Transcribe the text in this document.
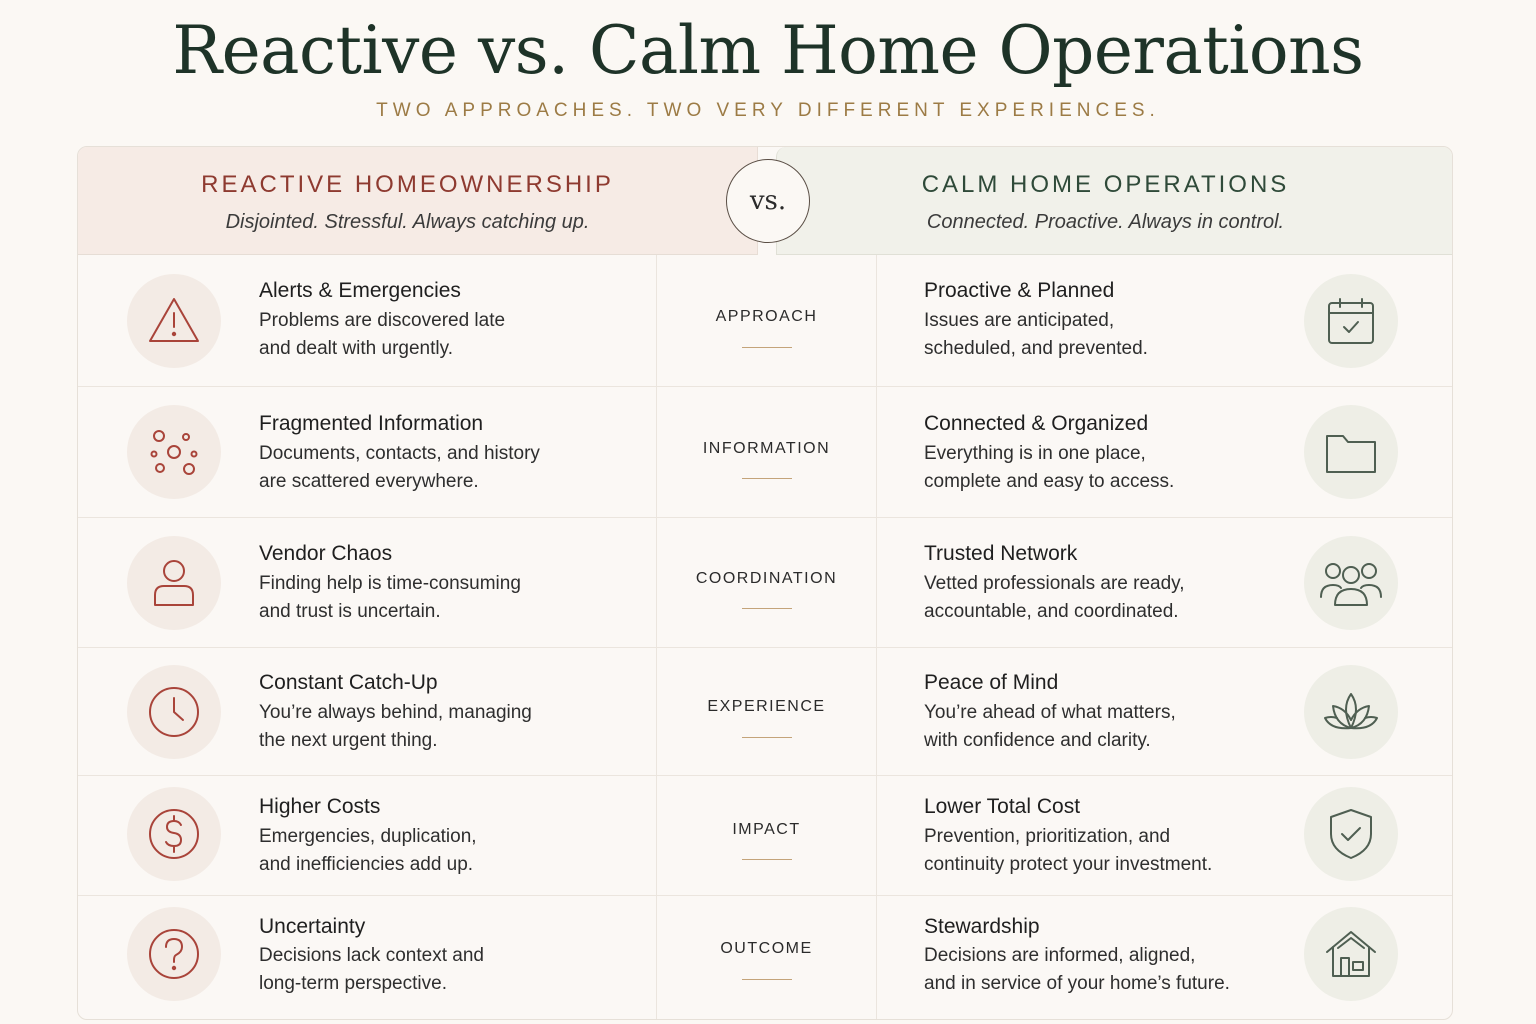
Reactive vs. Calm Home Operations
TWO APPROACHES. TWO VERY DIFFERENT EXPERIENCES.
REACTIVE HOMEOWNERSHIP
Disjointed. Stressful. Always catching up.
CALM HOME OPERATIONS
Connected. Proactive. Always in control.
vs.
Alerts & Emergencies
Problems are discovered late
and dealt with urgently.
APPROACH
Proactive & Planned
Issues are anticipated,
scheduled, and prevented.
Fragmented Information
Documents, contacts, and history
are scattered everywhere.
INFORMATION
Connected & Organized
Everything is in one place,
complete and easy to access.
Vendor Chaos
Finding help is time-consuming
and trust is uncertain.
COORDINATION
Trusted Network
Vetted professionals are ready,
accountable, and coordinated.
Constant Catch-Up
You’re always behind, managing
the next urgent thing.
EXPERIENCE
Peace of Mind
You’re ahead of what matters,
with confidence and clarity.
Higher Costs
Emergencies, duplication,
and inefficiencies add up.
IMPACT
Lower Total Cost
Prevention, prioritization, and
continuity protect your investment.
Uncertainty
Decisions lack context and
long-term perspective.
OUTCOME
Stewardship
Decisions are informed, aligned,
and in service of your home’s future.
